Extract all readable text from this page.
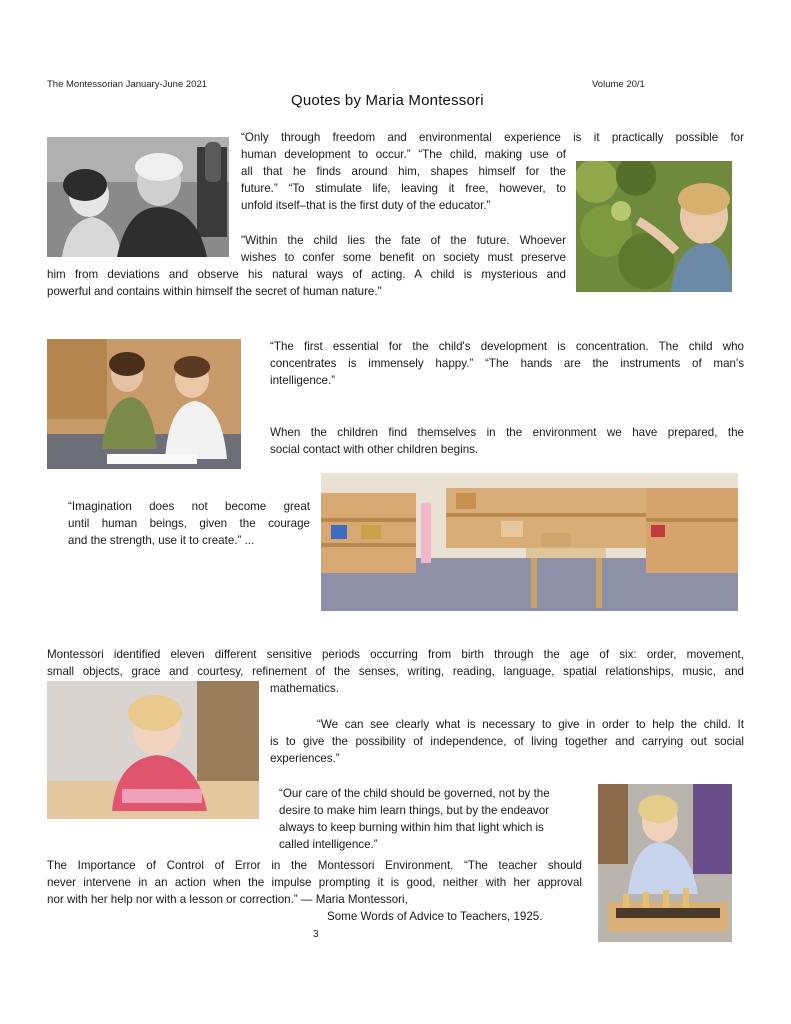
The Montessorian January-June 2021	Volume 20/1
Quotes by Maria Montessori
“Only through freedom and environmental experience is it practically possible for
human development to occur.” “The child, making use of
all that he finds around him, shapes himself for the
future.” “To stimulate life, leaving it free, however, to
unfold itself–that is the first duty of the educator.”
"Within the child lies the fate of the future. Whoever
wishes to confer some benefit on society must preserve
him from deviations and observe his natural ways of acting. A child is mysterious and
powerful and contains within himself the secret of human nature."
“The first essential for the child's development is concentration. The child who
concentrates is immensely happy.” “The hands are the instruments of man's
intelligence.”
When the children find themselves in the environment we have prepared, the
social contact with other children begins.
“Imagination does not become great
until human beings, given the courage
and the strength, use it to create.” ...
Montessori identified eleven different sensitive periods occurring from birth through the age of six: order, movement,
small objects, grace and courtesy, refinement of the senses, writing, reading, language, spatial relationships, music, and
mathematics.
“We can see clearly what is necessary to give in order to help the child. It
is to give the possibility of independence, of living together and carrying out social
experiences.”
“Our care of the child should be governed, not by the
desire to make him learn things, but by the endeavor
always to keep burning within him that light which is
called intelligence.”
The Importance of Control of Error in the Montessori Environment. “The teacher should
never intervene in an action when the impulse prompting it is good, neither with her approval
nor with her help nor with a lesson or correction.” — Maria Montessori,
Some Words of Advice to Teachers, 1925.
3
